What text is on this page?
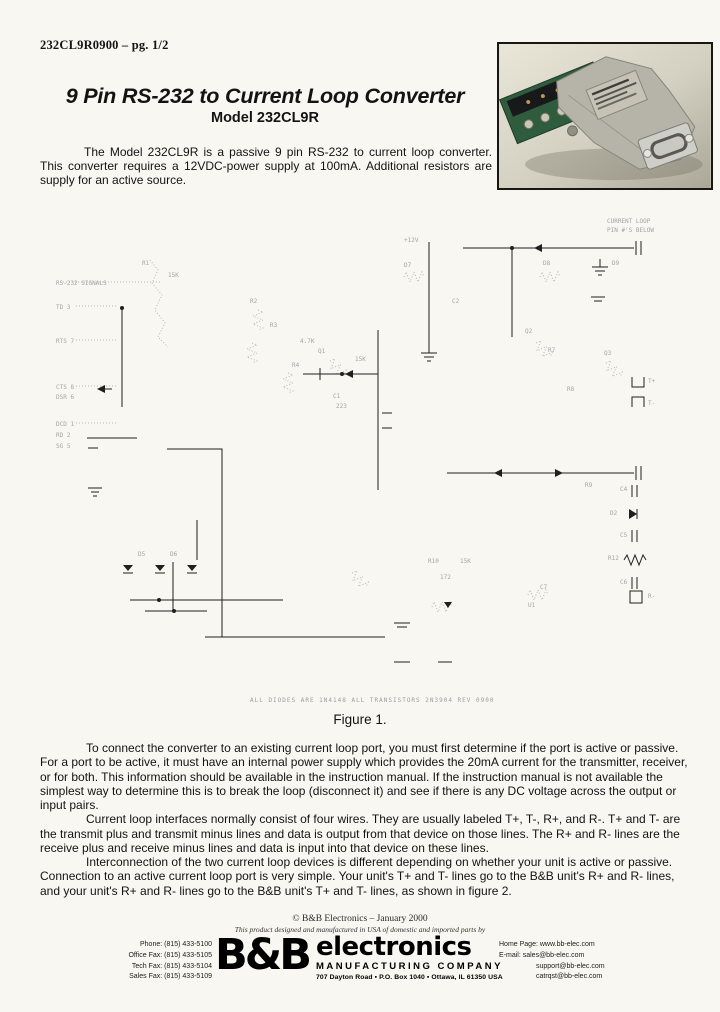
232CL9R0900 – pg. 1/2
9 Pin RS-232 to Current Loop Converter
Model 232CL9R

The Model 232CL9R is a passive 9 pin RS-232 to current loop converter. This converter requires a 12VDC-power supply at 100mA. Additional resistors are supply for an active source.

RS-232 SIGNALS
TD 3
RTS 7
CTS 8
DSR 6
DCD 1
RD 2
SG 5
R1
15K
R2
R3
R4
4.7K
Q1
15K
C1
223
+12V
D7
C2
D8	D9
CURRENT LOOP
PIN #'S BELOW
Q2
R7	Q3
R8
T+
T-
R9
C4
D2
C5
R12
C6
R-
R10	15K
172
C7
U1
D5	D6
ALL DIODES ARE 1N4148 ALL TRANSISTORS 2N3904 REV 0900
Figure 1.

To connect the converter to an existing current loop port, you must first determine if the port is active or passive. For a port to be active, it must have an internal power supply which provides the 20mA current for the transmitter, receiver, or for both. This information should be available in the instruction manual. If the instruction manual is not available the simplest way to determine this is to break the loop (disconnect it) and see if there is any DC voltage across the output or input pairs.

Current loop interfaces normally consist of four wires. They are usually labeled T+, T-, R+, and R-. T+ and T- are the transmit plus and transmit minus lines and data is output from that device on those lines. The R+ and R- lines are the receive plus and receive minus lines and data is input into that device on these lines.

Interconnection of the two current loop devices is different depending on whether your unit is active or passive. Connection to an active current loop port is very simple. Your unit's T+ and T- lines go to the B&B unit's R+ and R- lines, and your unit's R+ and R- lines go to the B&B unit's T+ and T- lines, as shown in figure 2.

© B&B Electronics – January 2000
This product designed and manufactured in USA of domestic and imported parts by
Phone: (815) 433-5100
Office Fax: (815) 433-5105
Tech Fax: (815) 433-5104
Sales Fax: (815) 433-5109 B&B electronics
MANUFACTURING COMPANY
707 Dayton Road ▪ P.O. Box 1040 ▪ Ottawa, IL 61350 USA
Home Page: www.bb-elec.com
E-mail: sales@bb-elec.com
support@bb-elec.com
catrqst@bb-elec.com
